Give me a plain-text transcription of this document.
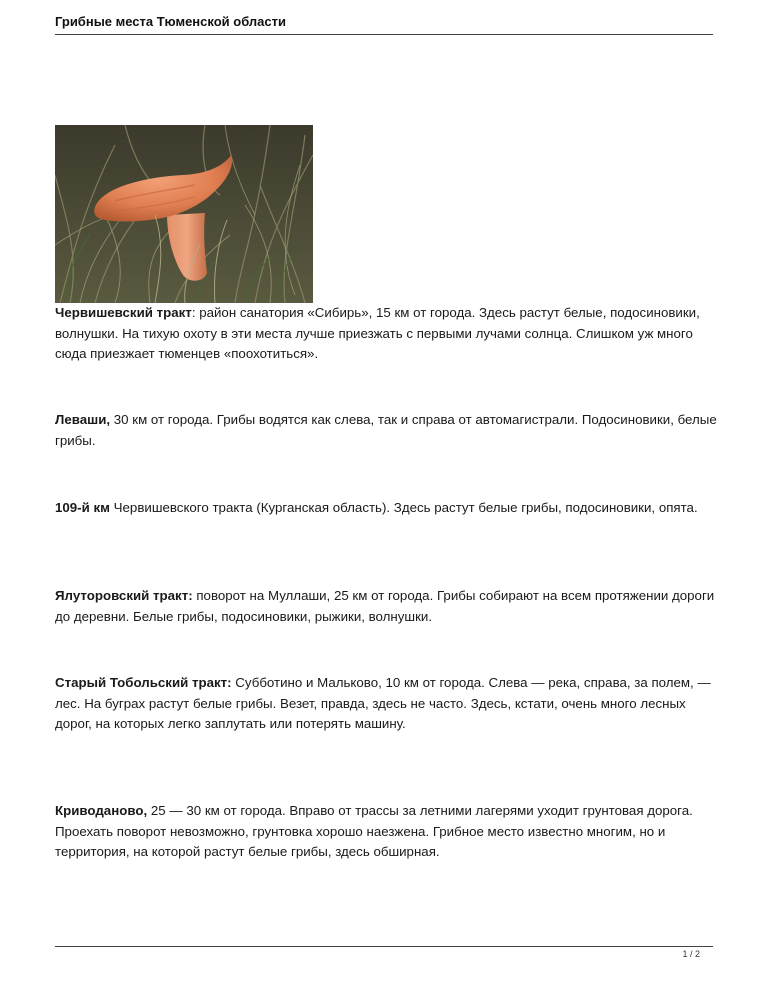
Грибные места Тюменской области

Червишевский тракт: район санатория «Сибирь», 15 км от города. Здесь растут белые, подосиновики, волнушки. На тихую охоту в эти места лучше приезжать с первыми лучами солнца. Слишком уж много сюда приезжает тюменцев «поохотиться».

Леваши, 30 км от города. Грибы водятся как слева, так и справа от автомагистрали. Подосиновики, белые грибы.

109-й км Червишевского тракта (Курганская область). Здесь растут белые грибы, подосиновики, опята.

Ялуторовский тракт: поворот на Муллаши, 25 км от города. Грибы собирают на всем протяжении дороги до деревни. Белые грибы, подосиновики, рыжики, волнушки.

Старый Тобольский тракт: Субботино и Мальково, 10 км от города. Слева — река, справа, за полем, — лес. На буграх растут белые грибы. Везет, правда, здесь не часто. Здесь, кстати, очень много лесных дорог, на которых легко заплутать или потерять машину.

Криводаново, 25 — 30 км от города. Вправо от трассы за летними лагерями уходит грунтовая дорога. Проехать поворот невозможно, грунтовка хорошо наезжена. Грибное место известно многим, но и территория, на которой растут белые грибы, здесь обширная.

1 / 2
